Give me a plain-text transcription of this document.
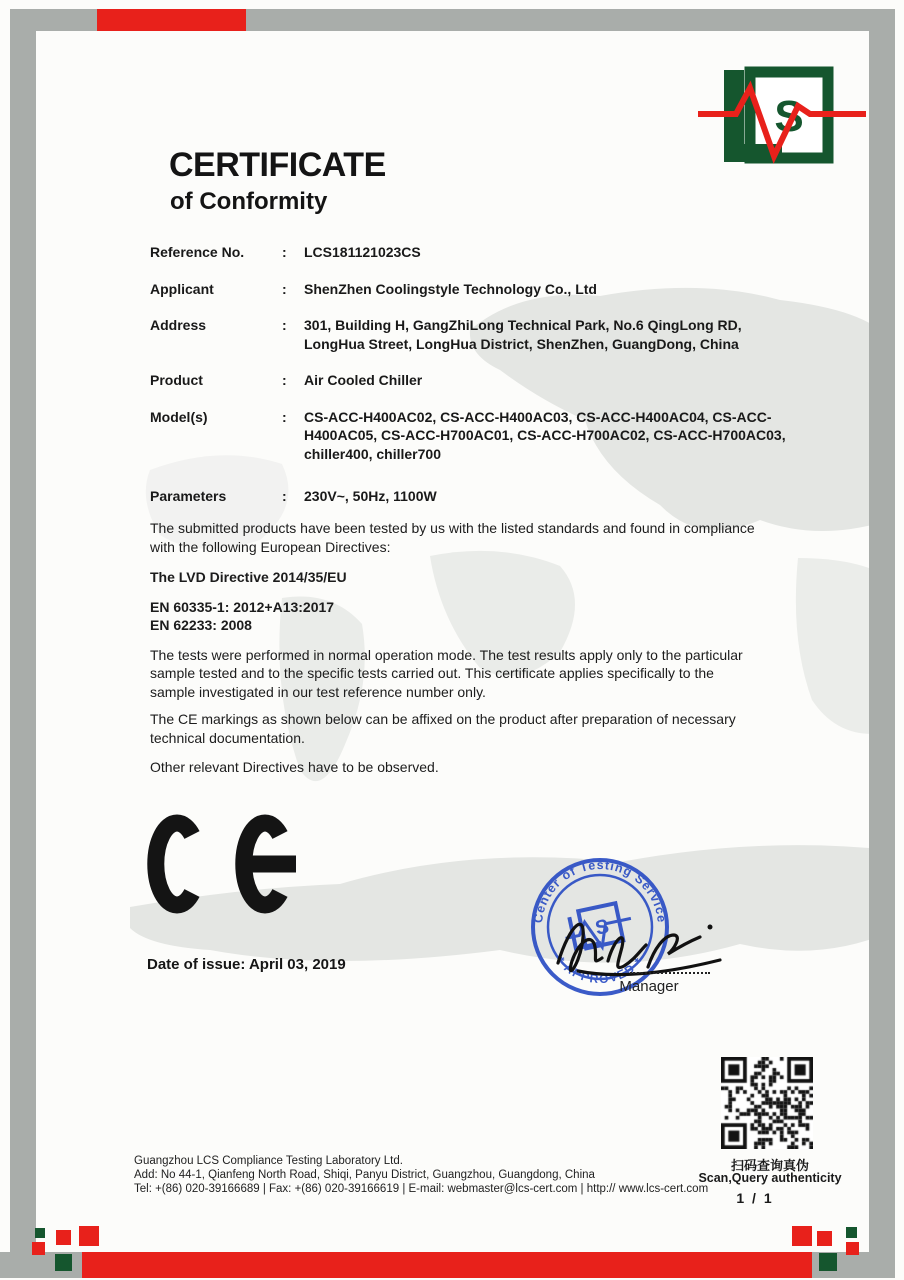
S
CERTIFICATE
of Conformity
Reference No.	:	LCS181121023CS
Applicant	:	ShenZhen Coolingstyle Technology Co., Ltd
Address	:	301, Building H, GangZhiLong Technical Park, No.6 QingLong RD, LongHua Street, LongHua District, ShenZhen, GuangDong, China
Product	:	Air Cooled Chiller
Model(s)	:	CS-ACC-H400AC02, CS-ACC-H400AC03, CS-ACC-H400AC04, CS-ACC-H400AC05, CS-ACC-H700AC01, CS-ACC-H700AC02, CS-ACC-H700AC03, chiller400, chiller700
Parameters	:	230V~, 50Hz, 1100W
The submitted products have been tested by us with the listed standards and found in compliance with the following European Directives:
The LVD Directive 2014/35/EU
EN 60335-1: 2012+A13:2017
EN 62233: 2008
The tests were performed in normal operation mode. The test results apply only to the particular sample tested and to the specific tests carried out. This certificate applies specifically to the sample investigated in our test reference number only.
The CE markings as shown below can be affixed on the product after preparation of necessary technical documentation.
Other relevant Directives have to be observed.
Date of issue: April 03, 2019
Center of Testing Service
* APPROVED *
S
Manager
扫码查询真伪
Scan,Query authenticity
1 / 1
Guangzhou LCS Compliance Testing Laboratory Ltd.
Add: No 44-1, Qianfeng North Road, Shiqi, Panyu District, Guangzhou, Guangdong, China
Tel: +(86) 020-39166689 | Fax: +(86) 020-39166619 | E-mail: webmaster@lcs-cert.com | http:// www.lcs-cert.com
